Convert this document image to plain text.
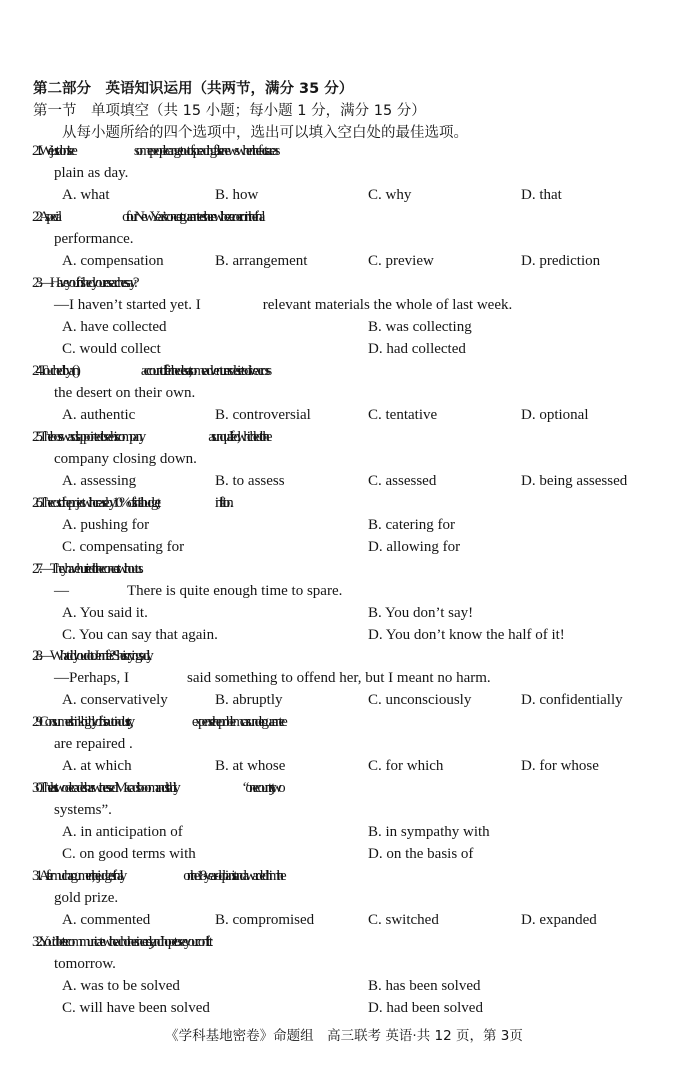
第二部分　英语知识运用（共两节，满分 35 分）
第一节　单项填空（共 15 小题；每小题 1 分，满分 15 分）
从每小题所给的四个选项中，选出可以填入空白处的最佳选项。
21. We just don’t see	some people can get out of spreading false news when the facts are as
plain as day.
A. what	B. how	C. why	D. that
22. A special	of our New Year’s concert guarantees there will be zero error in the final
performance.
A. compensation	B. arrangement	C. preview	D. prediction
23. —Have you finished your research essay?
—I haven’t started yet. I	relevant materials the whole of last week.
A. have collected	B. was collecting
C. would collect	D. had collected
24. Touched by a(n)	account of life in the desert, some adventurers desire to drive across
the desert on their own.
A. authentic	B. controversial	C. tentative	D. optional
25. The boss was disappointed to see his company	as unqualified, which led to the
company closing down.
A. assessing	B. to assess	C. assessed	D. being assessed
26. The cost of the project will increase by 10% of its initial budget,	inflation.
A. pushing for	B. catering for
C. compensating for	D. allowing for
27. —They have hurried to the concert without us.
—	There is quite enough time to spare.
A. You said it.	B. You don’t say!
C. You can say that again.	D. You don’t know the half of it!
28. —What did you do to Jennifer? She is crying sadly.
—Perhaps, I	said something to offend her, but I meant no harm.
A. conservatively	B. abruptly	C. unconsciously	D. confidentially
29. Consumers think highly of this auto industry,	expense the problem cars under guarantee
are repaired .
A. at which	B. at whose	C. for which	D. for whose
30. The last two decades has witnessed Macao’s boom and stability	“one country, two
systems”.
A. in anticipation of	B. in sympathy with
C. on good terms with	D. on the basis of
31. After much argument, the judges finally	on the 18-year-old pianist and awarded him the
gold prize.
A. commented	B. compromised	C. switched	D. expanded
32. You’d better communicate with each other sincerely, and I hope to see your conflict
tomorrow.
A. was to be solved	B. has been solved
C. will have been solved	D. had been solved
《学科基地密卷》命题组　高三联考 英语·共 12 页，第 3页
